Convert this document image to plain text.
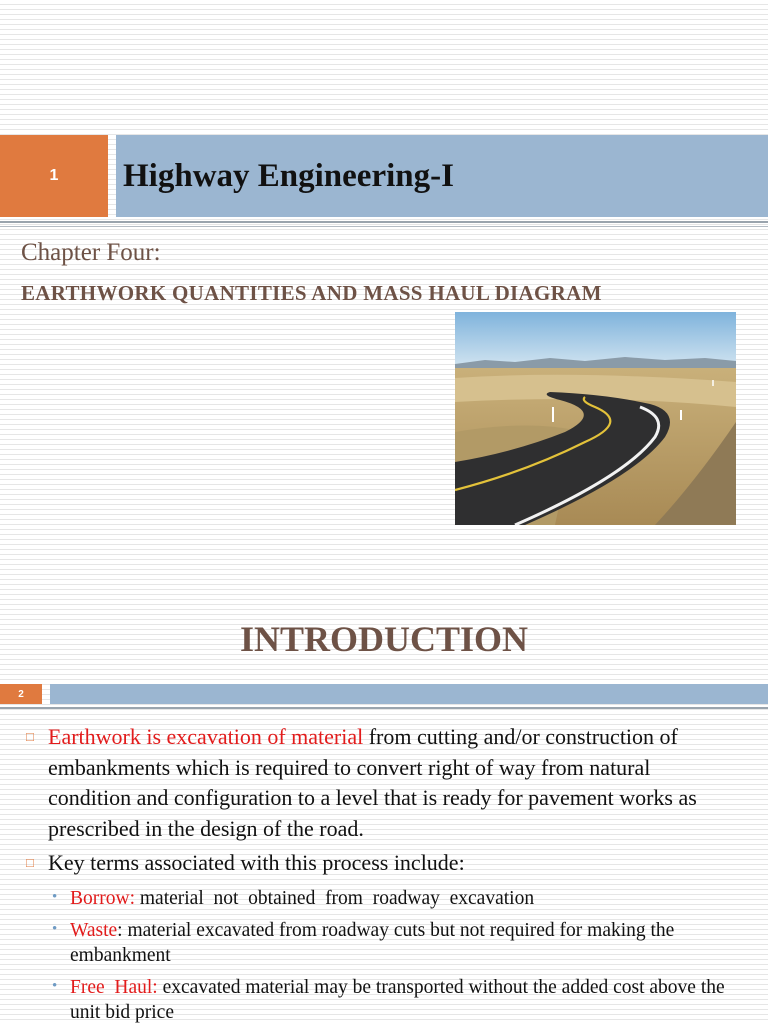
1 Highway Engineering-I

Chapter Four:

EARTHWORK QUANTITIES AND MASS HAUL DIAGRAM

INTRODUCTION
2
□ Earthwork is excavation of material from cutting and/or construction of embankments which is required to convert right of way from natural condition and configuration to a level that is ready for pavement works as prescribed in the design of the road.
□ Key terms associated with this process include:
• Borrow: material  not  obtained  from  roadway  excavation
• Waste: material excavated from roadway cuts but not required for making the embankment
• Free  Haul: excavated material may be transported without the added cost above the unit bid price
